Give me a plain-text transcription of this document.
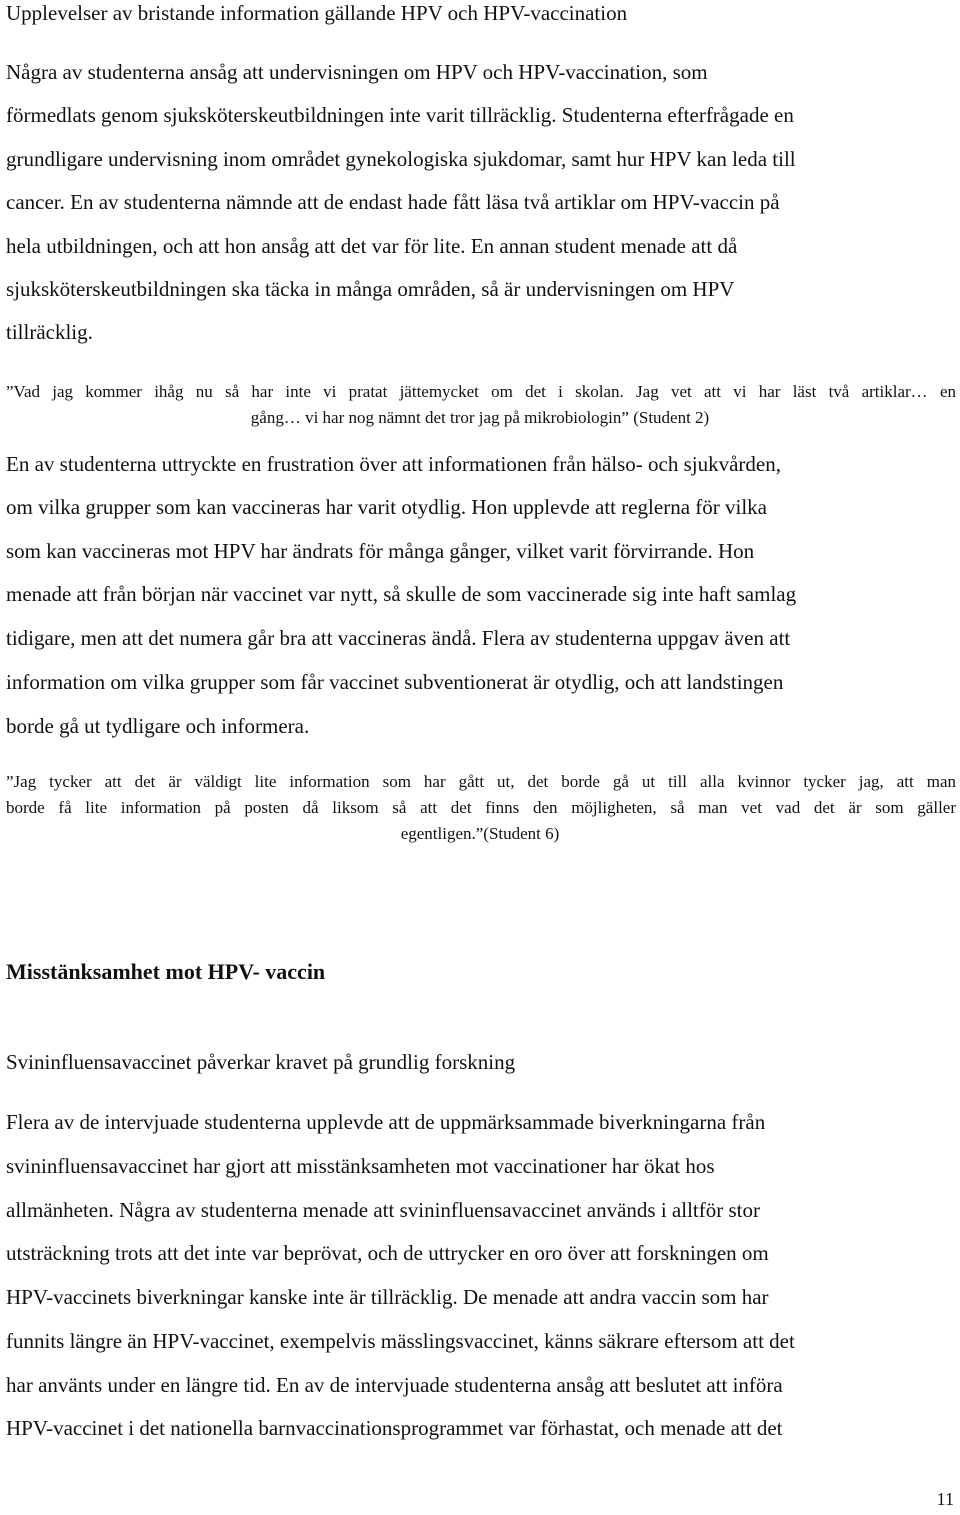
Upplevelser av bristande information gällande HPV och HPV-vaccination
Några av studenterna ansåg att undervisningen om HPV och HPV-vaccination, som
förmedlats genom sjuksköterskeutbildningen inte varit tillräcklig. Studenterna efterfrågade en
grundligare undervisning inom området gynekologiska sjukdomar, samt hur HPV kan leda till
cancer. En av studenterna nämnde att de endast hade fått läsa två artiklar om HPV-vaccin på
hela utbildningen, och att hon ansåg att det var för lite. En annan student menade att då
sjuksköterskeutbildningen ska täcka in många områden, så är undervisningen om HPV
tillräcklig.
”Vad jag kommer ihåg nu så har inte vi pratat jättemycket om det i skolan. Jag vet att vi har läst två artiklar… en
gång… vi har nog nämnt det tror jag på mikrobiologin” (Student 2)
En av studenterna uttryckte en frustration över att informationen från hälso- och sjukvården,
om vilka grupper som kan vaccineras har varit otydlig. Hon upplevde att reglerna för vilka
som kan vaccineras mot HPV har ändrats för många gånger, vilket varit förvirrande. Hon
menade att från början när vaccinet var nytt, så skulle de som vaccinerade sig inte haft samlag
tidigare, men att det numera går bra att vaccineras ändå. Flera av studenterna uppgav även att
information om vilka grupper som får vaccinet subventionerat är otydlig, och att landstingen
borde gå ut tydligare och informera.
”Jag tycker att det är väldigt lite information som har gått ut, det borde gå ut till alla kvinnor tycker jag, att man
borde få lite information på posten då liksom så att det finns den möjligheten, så man vet vad det är som gäller
egentligen.”(Student 6)
Misstänksamhet mot HPV- vaccin
Svininfluensavaccinet påverkar kravet på grundlig forskning
Flera av de intervjuade studenterna upplevde att de uppmärksammade biverkningarna från
svininfluensavaccinet har gjort att misstänksamheten mot vaccinationer har ökat hos
allmänheten. Några av studenterna menade att svininfluensavaccinet används i alltför stor
utsträckning trots att det inte var beprövat, och de uttrycker en oro över att forskningen om
HPV-vaccinets biverkningar kanske inte är tillräcklig. De menade att andra vaccin som har
funnits längre än HPV-vaccinet, exempelvis mässlingsvaccinet, känns säkrare eftersom att det
har använts under en längre tid. En av de intervjuade studenterna ansåg att beslutet att införa
HPV-vaccinet i det nationella barnvaccinationsprogrammet var förhastat, och menade att det
11
